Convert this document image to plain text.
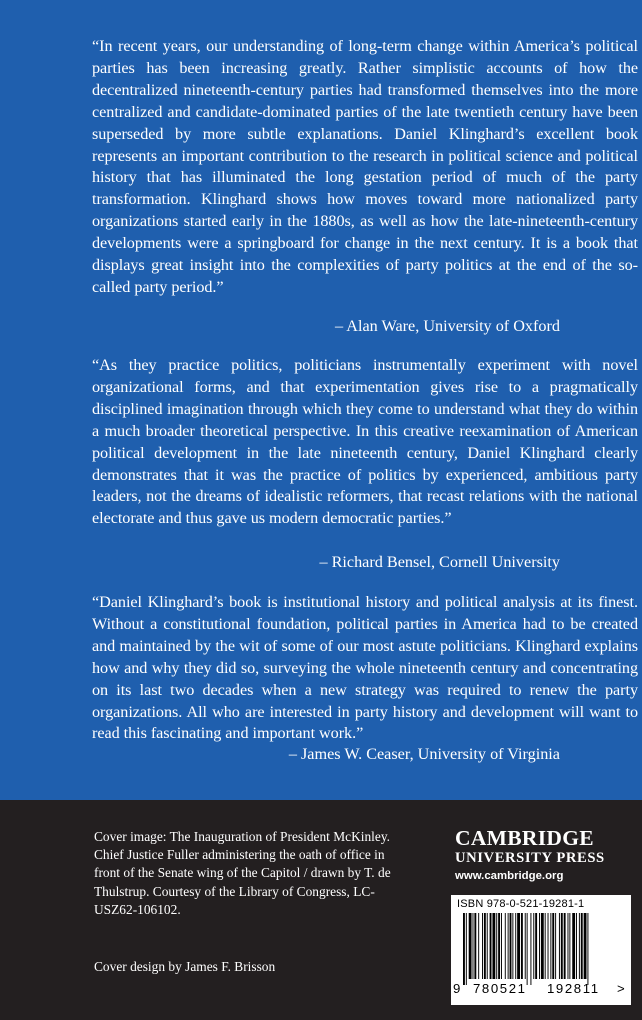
“In recent years, our understanding of long-term change within America’s political parties has been increasing greatly. Rather simplistic accounts of how the decentralized nineteenth-century parties had transformed themselves into the more centralized and candidate-dominated parties of the late twentieth century have been superseded by more subtle explanations. Daniel Klinghard’s excellent book represents an important contribution to the research in political science and political history that has illuminated the long gestation period of much of the party transformation. Klinghard shows how moves toward more nationalized party organizations started early in the 1880s, as well as how the late-nineteenth-century developments were a springboard for change in the next century. It is a book that displays great insight into the complexities of party politics at the end of the so-called party period.”
– Alan Ware, University of Oxford
“As they practice politics, politicians instrumentally experiment with novel organizational forms, and that experimentation gives rise to a pragmatically disciplined imagination through which they come to understand what they do within a much broader theoretical perspective. In this creative reexamination of American political development in the late nineteenth century, Daniel Klinghard clearly demonstrates that it was the practice of politics by experienced, ambitious party leaders, not the dreams of idealistic reformers, that recast relations with the national electorate and thus gave us modern democratic parties.”
– Richard Bensel, Cornell University
“Daniel Klinghard’s book is institutional history and political analysis at its finest. Without a constitutional foundation, political parties in America had to be created and maintained by the wit of some of our most astute politicians. Klinghard explains how and why they did so, surveying the whole nineteenth century and concentrating on its last two decades when a new strategy was required to renew the party organizations. All who are interested in party history and development will want to read this fascinating and important work.”
– James W. Ceaser, University of Virginia
Cover image: The Inauguration of President McKinley. Chief Justice Fuller administering the oath of office in front of the Senate wing of the Capitol / drawn by T. de Thulstrup. Courtesy of the Library of Congress, LC-USZ62-106102.
Cover design by James F. Brisson
CAMBRIDGE
UNIVERSITY PRESS
www.cambridge.org
ISBN 978-0-521-19281-1
9 780521 192811 >
